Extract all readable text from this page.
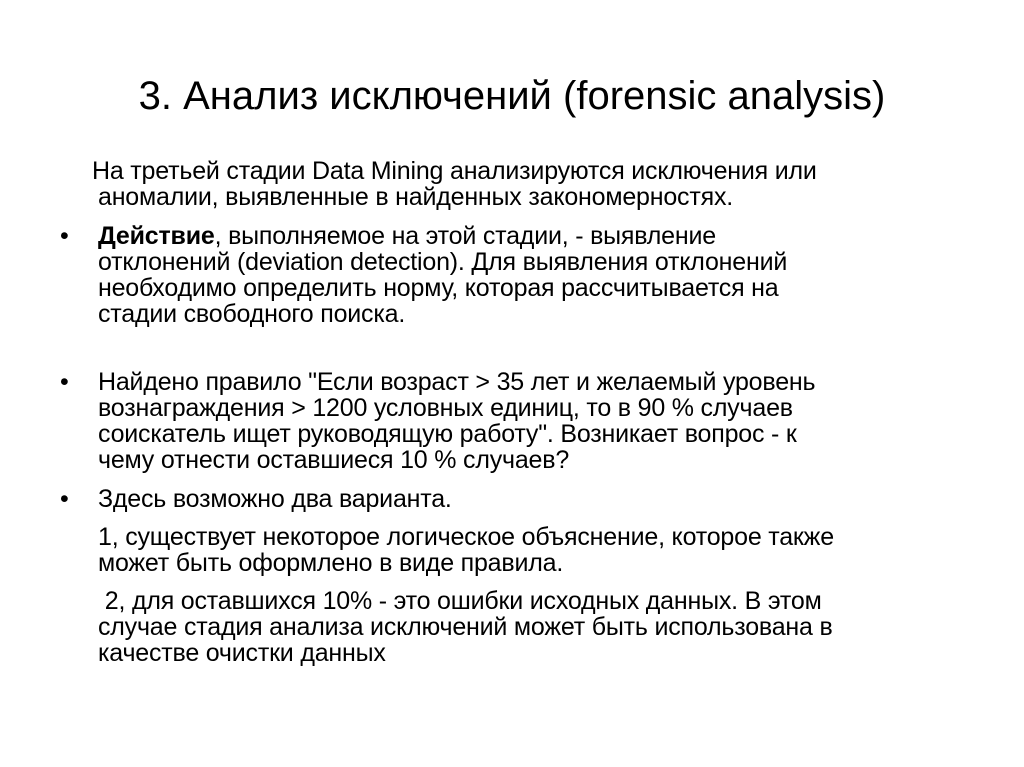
3. Анализ исключений (forensic analysis)
На третьей стадии Data Mining анализируются исключения или
аномалии, выявленные в найденных закономерностях.
• Действие, выполняемое на этой стадии, - выявление
отклонений (deviation detection). Для выявления отклонений
необходимо определить норму, которая рассчитывается на
стадии свободного поиска.
• Найдено правило "Если возраст > 35 лет и желаемый уровень
вознаграждения > 1200 условных единиц, то в 90 % случаев
соискатель ищет руководящую работу". Возникает вопрос - к
чему отнести оставшиеся 10 % случаев?
• Здесь возможно два варианта.
1, существует некоторое логическое объяснение, которое также
может быть оформлено в виде правила.
2, для оставшихся 10% - это ошибки исходных данных. В этом
случае стадия анализа исключений может быть использована в
качестве очистки данных
